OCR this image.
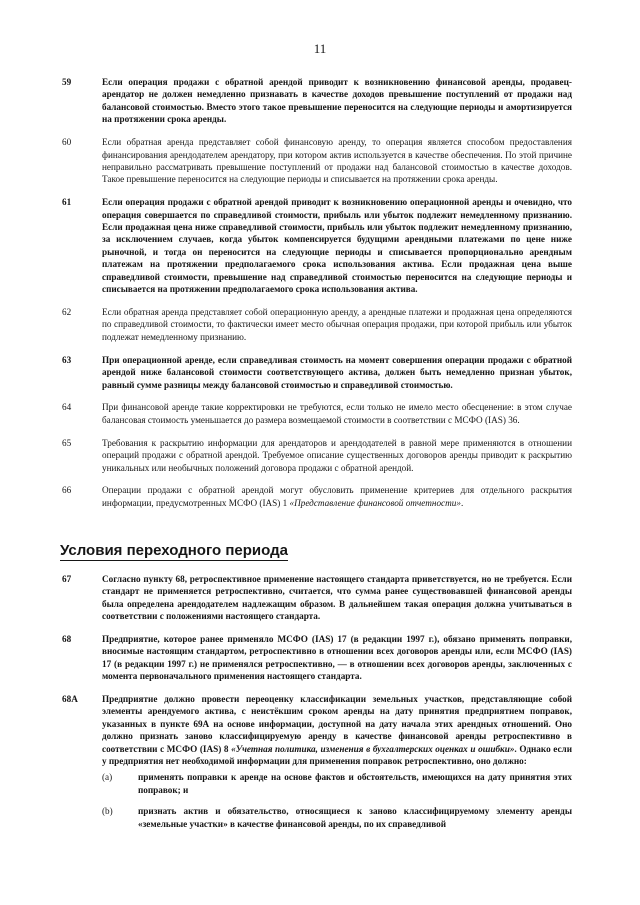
11
59	Если операция продажи с обратной арендой приводит к возникновению финансовой аренды, продавец-арендатор не должен немедленно признавать в качестве доходов превышение поступлений от продажи над балансовой стоимостью. Вместо этого такое превышение переносится на следующие периоды и амортизируется на протяжении срока аренды.
60	Если обратная аренда представляет собой финансовую аренду, то операция является способом предоставления финансирования арендодателем арендатору, при котором актив используется в качестве обеспечения. По этой причине неправильно рассматривать превышение поступлений от продажи над балансовой стоимостью в качестве доходов. Такое превышение переносится на следующие периоды и списывается на протяжении срока аренды.
61	Если операция продажи с обратной арендой приводит к возникновению операционной аренды и очевидно, что операция совершается по справедливой стоимости, прибыль или убыток подлежит немедленному признанию. Если продажная цена ниже справедливой стоимости, прибыль или убыток подлежит немедленному признанию, за исключением случаев, когда убыток компенсируется будущими арендными платежами по цене ниже рыночной, и тогда он переносится на следующие периоды и списывается пропорционально арендным платежам на протяжении предполагаемого срока использования актива. Если продажная цена выше справедливой стоимости, превышение над справедливой стоимостью переносится на следующие периоды и списывается на протяжении предполагаемого срока использования актива.
62	Если обратная аренда представляет собой операционную аренду, а арендные платежи и продажная цена определяются по справедливой стоимости, то фактически имеет место обычная операция продажи, при которой прибыль или убыток подлежат немедленному признанию.
63	При операционной аренде, если справедливая стоимость на момент совершения операции продажи с обратной арендой ниже балансовой стоимости соответствующего актива, должен быть немедленно признан убыток, равный сумме разницы между балансовой стоимостью и справедливой стоимостью.
64	При финансовой аренде такие корректировки не требуются, если только не имело место обесценение: в этом случае балансовая стоимость уменьшается до размера возмещаемой стоимости в соответствии с МСФО (IAS) 36.
65	Требования к раскрытию информации для арендаторов и арендодателей в равной мере применяются в отношении операций продажи с обратной арендой. Требуемое описание существенных договоров аренды приводит к раскрытию уникальных или необычных положений договора продажи с обратной арендой.
66	Операции продажи с обратной арендой могут обусловить применение критериев для отдельного раскрытия информации, предусмотренных МСФО (IAS) 1 «Представление финансовой отчетности».
Условия переходного периода
67	Согласно пункту 68, ретроспективное применение настоящего стандарта приветствуется, но не требуется. Если стандарт не применяется ретроспективно, считается, что сумма ранее существовавшей финансовой аренды была определена арендодателем надлежащим образом. В дальнейшем такая операция должна учитываться в соответствии с положениями настоящего стандарта.
68	Предприятие, которое ранее применяло МСФО (IAS) 17 (в редакции 1997 г.), обязано применять поправки, вносимые настоящим стандартом, ретроспективно в отношении всех договоров аренды или, если МСФО (IAS) 17 (в редакции 1997 г.) не применялся ретроспективно, — в отношении всех договоров аренды, заключенных с момента первоначального применения настоящего стандарта.
68A	Предприятие должно провести переоценку классификации земельных участков, представляющие собой элементы арендуемого актива, с неистёкшим сроком аренды на дату принятия предприятием поправок, указанных в пункте 69А на основе информации, доступной на дату начала этих арендных отношений. Оно должно признать заново классифицируемую аренду в качестве финансовой аренды ретроспективно в соответствии с МСФО (IAS) 8 «Учетная политика, изменения в бухгалтерских оценках и ошибки». Однако если у предприятия нет необходимой информации для применения поправок ретроспективно, оно должно:
(a)	применять поправки к аренде на основе фактов и обстоятельств, имеющихся на дату принятия этих поправок; и
(b)	признать актив и обязательство, относящиеся к заново классифицируемому элементу аренды «земельные участки» в качестве финансовой аренды, по их справедливой
